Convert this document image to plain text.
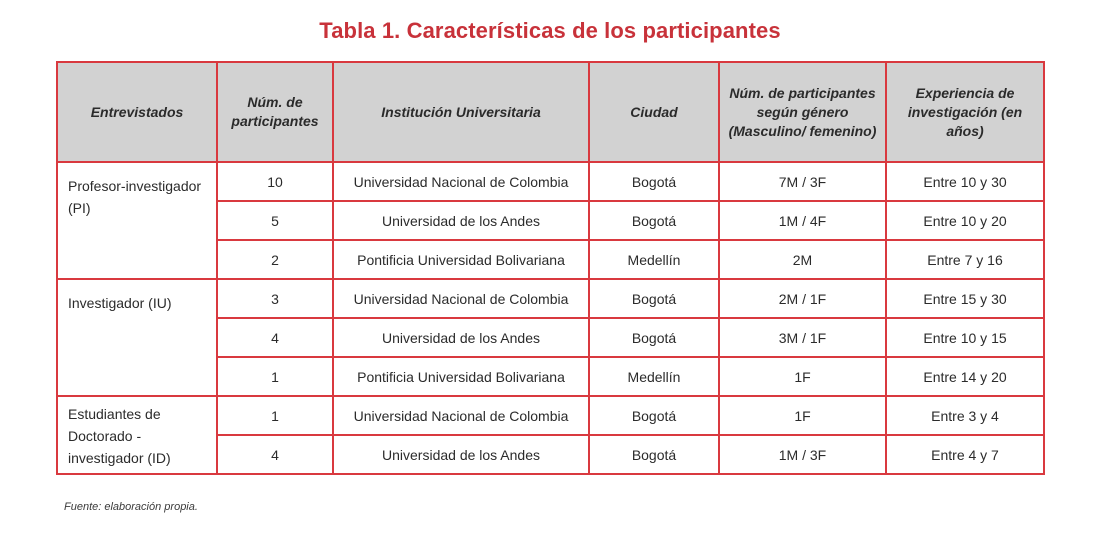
Tabla 1. Características de los participantes
Entrevistados	Núm. de participantes	Institución Universitaria	Ciudad	Núm. de participantes según género (Masculino/ femenino)	Experiencia de investigación (en años)
Profesor-investigador (PI)	10	Universidad Nacional de Colombia	Bogotá	7M / 3F	Entre 10 y 30
	5	Universidad de los Andes	Bogotá	1M / 4F	Entre 10 y 20
	2	Pontificia Universidad Bolivariana	Medellín	2M	Entre 7 y 16
Investigador (IU)	3	Universidad Nacional de Colombia	Bogotá	2M / 1F	Entre 15 y 30
	4	Universidad de los Andes	Bogotá	3M / 1F	Entre 10 y 15
	1	Pontificia Universidad Bolivariana	Medellín	1F	Entre 14 y 20
Estudiantes de Doctorado -investigador (ID)	1	Universidad Nacional de Colombia	Bogotá	1F	Entre 3 y 4
	4	Universidad de los Andes	Bogotá	1M / 3F	Entre 4 y 7
Fuente: elaboración propia.
